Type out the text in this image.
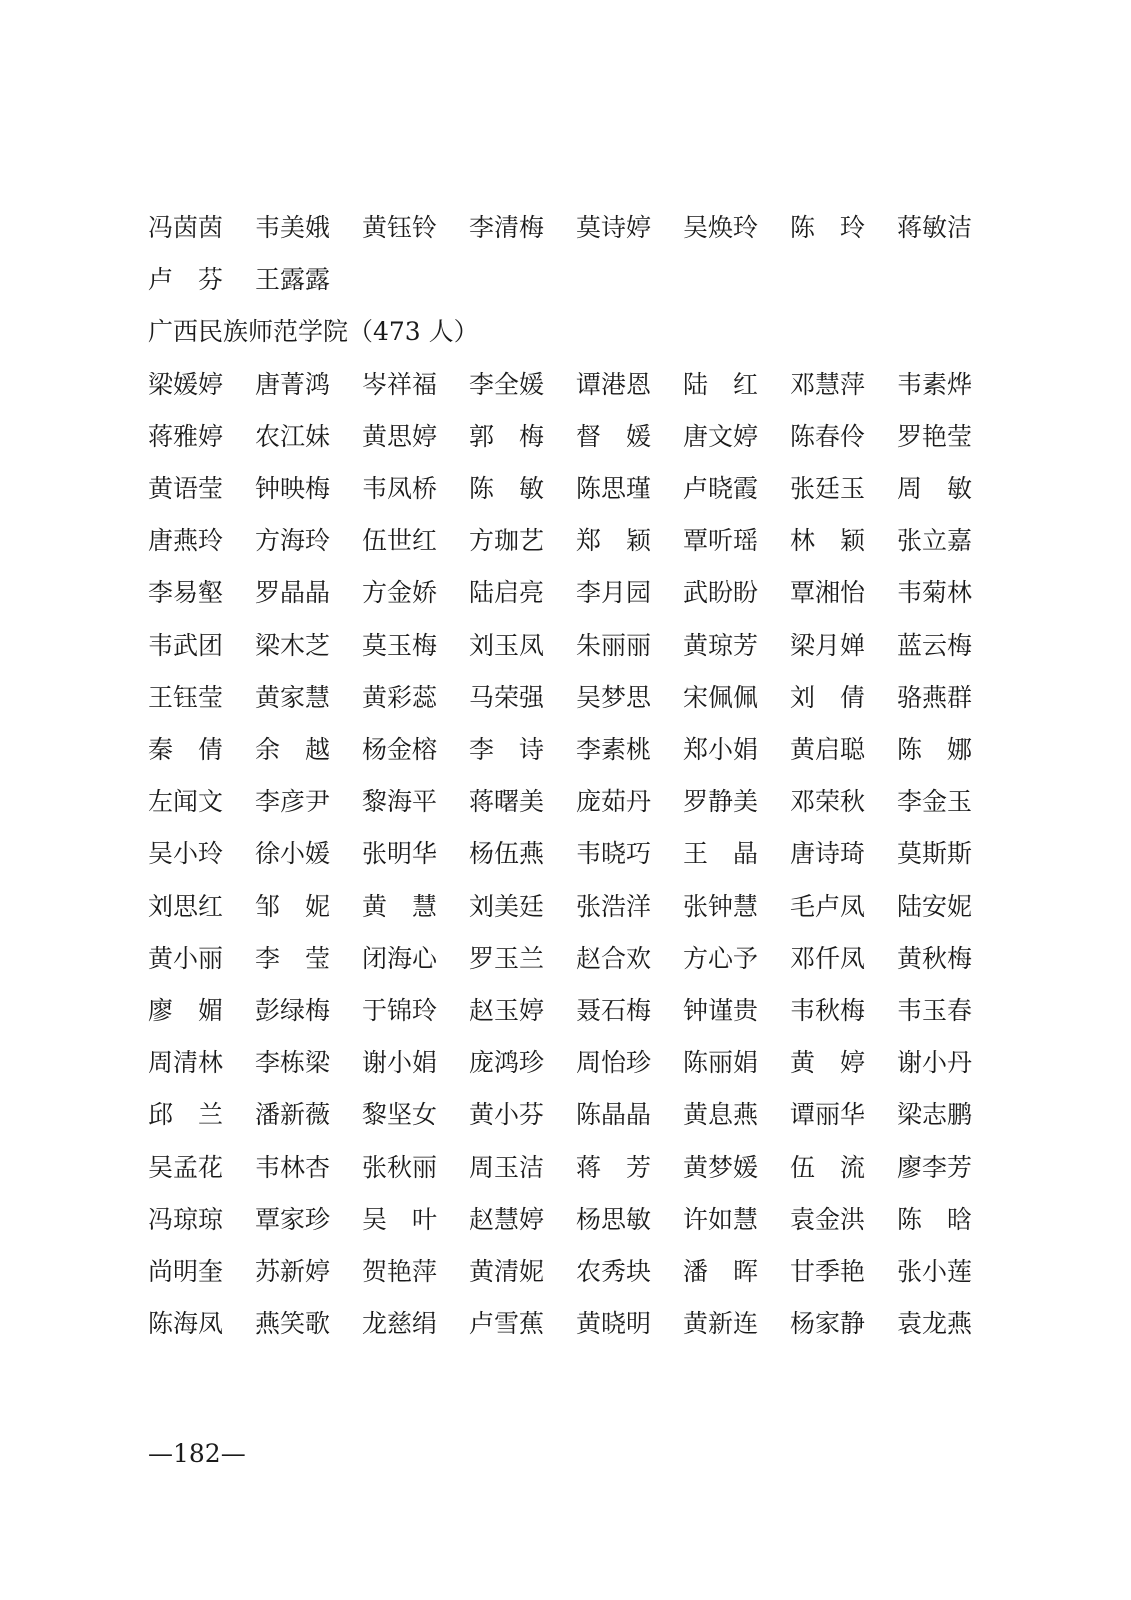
冯茵茵	韦美娥	黄钰铃	李清梅	莫诗婷	吴焕玲	陈　玲	蒋敏洁
卢　芬	王露露
广西民族师范学院（473 人）
梁媛婷	唐菁鸿	岑祥福	李全媛	谭港恩	陆　红	邓慧萍	韦素烨
蒋雅婷	农江妹	黄思婷	郭　梅	督　媛	唐文婷	陈春伶	罗艳莹
黄语莹	钟映梅	韦凤桥	陈　敏	陈思瑾	卢晓霞	张廷玉	周　敏
唐燕玲	方海玲	伍世红	方珈艺	郑　颖	覃听瑶	林　颖	张立嘉
李易壑	罗晶晶	方金娇	陆启亮	李月园	武盼盼	覃湘怡	韦菊林
韦武团	梁木芝	莫玉梅	刘玉凤	朱丽丽	黄琼芳	梁月婵	蓝云梅
王钰莹	黄家慧	黄彩蕊	马荣强	吴梦思	宋佩佩	刘　倩	骆燕群
秦　倩	余　越	杨金榕	李　诗	李素桃	郑小娟	黄启聪	陈　娜
左闻文	李彦尹	黎海平	蒋曙美	庞茹丹	罗静美	邓荣秋	李金玉
吴小玲	徐小媛	张明华	杨伍燕	韦晓巧	王　晶	唐诗琦	莫斯斯
刘思红	邹　妮	黄　慧	刘美廷	张浩洋	张钟慧	毛卢凤	陆安妮
黄小丽	李　莹	闭海心	罗玉兰	赵合欢	方心予	邓仟凤	黄秋梅
廖　媚	彭绿梅	于锦玲	赵玉婷	聂石梅	钟谨贵	韦秋梅	韦玉春
周清林	李栋梁	谢小娟	庞鸿珍	周怡珍	陈丽娟	黄　婷	谢小丹
邱　兰	潘新薇	黎坚女	黄小芬	陈晶晶	黄息燕	谭丽华	梁志鹏
吴孟花	韦林杏	张秋丽	周玉洁	蒋　芳	黄梦媛	伍　流	廖李芳
冯琼琼	覃家珍	吴　叶	赵慧婷	杨思敏	许如慧	袁金洪	陈　晗
尚明奎	苏新婷	贺艳萍	黄清妮	农秀块	潘　晖	甘季艳	张小莲
陈海凤	燕笑歌	龙慈绢	卢雪蕉	黄晓明	黄新连	杨家静	袁龙燕
—182—
